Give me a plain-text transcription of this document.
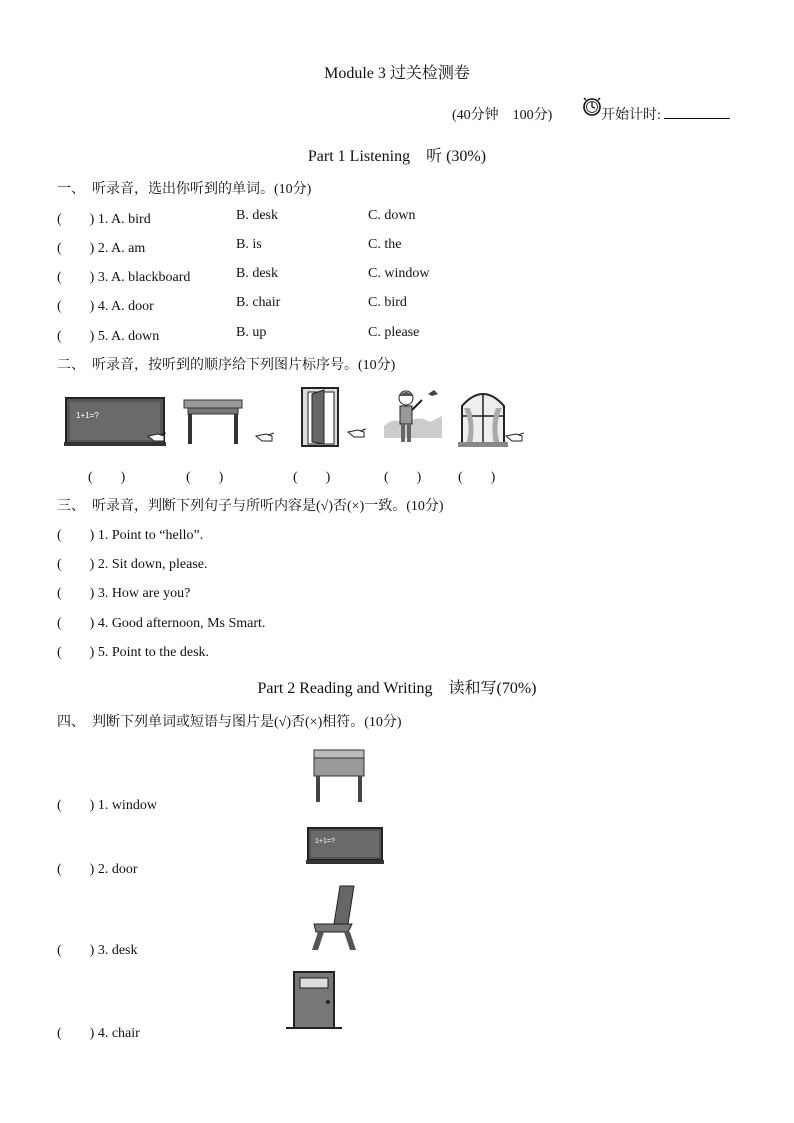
Module 3 过关检测卷
(40分钟　100分)	开始计时:
Part 1 Listening　听 (30%)
一、　听录音，选出你听到的单词。(10分)
(　　) 1. A. bird	B. desk	C. down
(　　) 2. A. am	B. is	C. the
(　　) 3. A. blackboard	B. desk	C. window
(　　) 4. A. door	B. chair	C. bird
(　　) 5. A. down	B. up	C. please
二、　听录音，按听到的顺序给下列图片标序号。(10分)
1+1=?
(　　)	(　　)	(　　)	(　　)	(　　)
三、　听录音，判断下列句子与所听内容是(√)否(×)一致。(10分)
(　　) 1. Point to “hello”.
(　　) 2. Sit down, please.
(　　) 3. How are you?
(　　) 4. Good afternoon, Ms Smart.
(　　) 5. Point to the desk.
Part 2 Reading and Writing　读和写(70%)
四、　判断下列单词或短语与图片是(√)否(×)相符。(10分)
(　　) 1. window
1+1=?
(　　) 2. door
(　　) 3. desk
(　　) 4. chair
